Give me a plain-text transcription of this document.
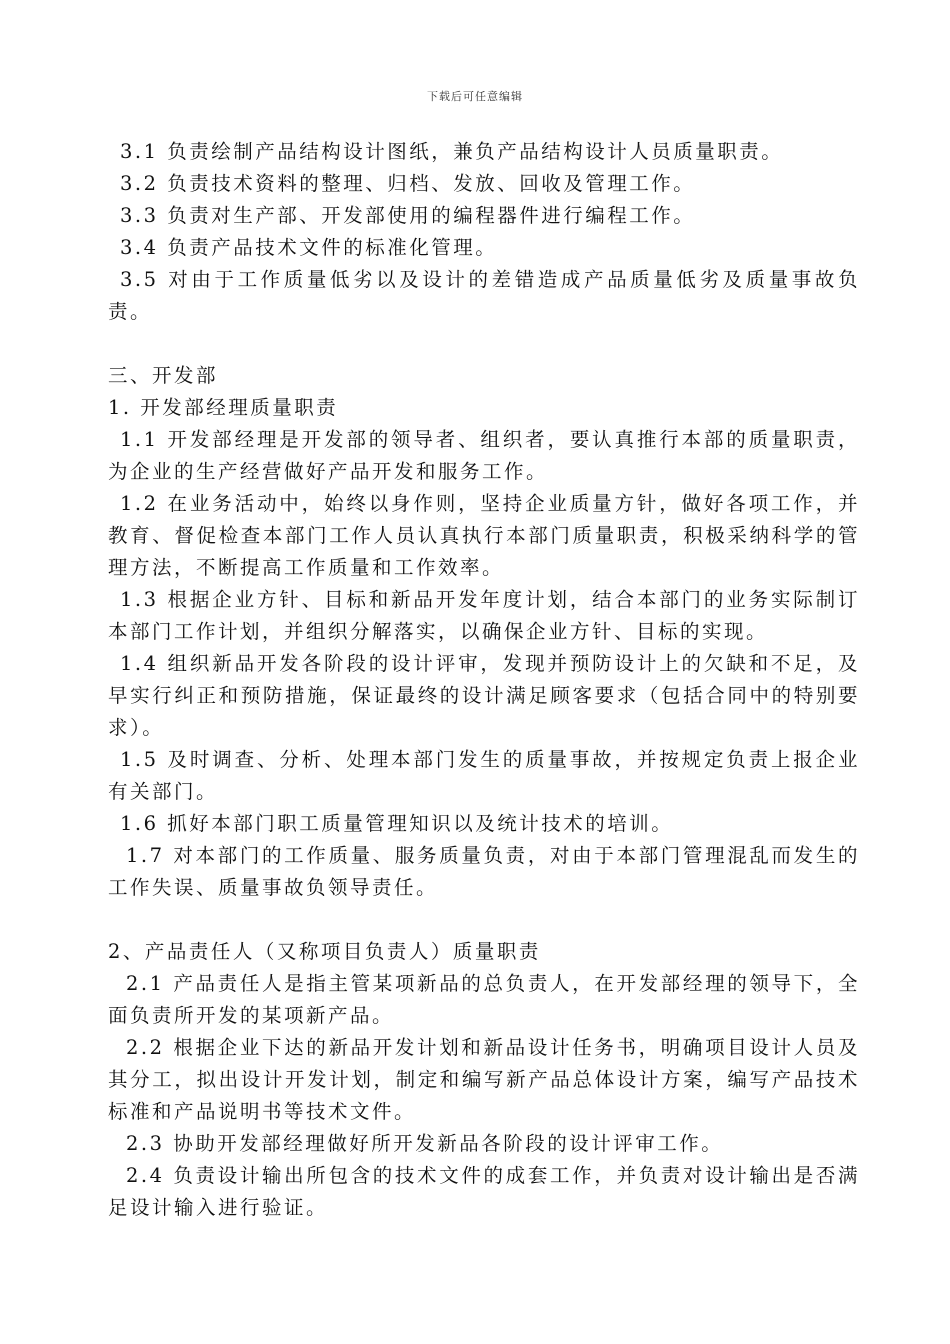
下载后可任意编辑

3.1 负责绘制产品结构设计图纸，兼负产品结构设计人员质量职责。

3.2 负责技术资料的整理、归档、发放、回收及管理工作。

3.3 负责对生产部、开发部使用的编程器件进行编程工作。

3.4 负责产品技术文件的标准化管理。

3.5 对由于工作质量低劣以及设计的差错造成产品质量低劣及质量事故负责。

三、开发部

1. 开发部经理质量职责

1.1 开发部经理是开发部的领导者、组织者，要认真推行本部的质量职责，为企业的生产经营做好产品开发和服务工作。

1.2 在业务活动中，始终以身作则，坚持企业质量方针，做好各项工作，并教育、督促检查本部门工作人员认真执行本部门质量职责，积极采纳科学的管理方法，不断提高工作质量和工作效率。

1.3 根据企业方针、目标和新品开发年度计划，结合本部门的业务实际制订本部门工作计划，并组织分解落实，以确保企业方针、目标的实现。

1.4 组织新品开发各阶段的设计评审，发现并预防设计上的欠缺和不足，及早实行纠正和预防措施，保证最终的设计满足顾客要求（包括合同中的特别要求）。

1.5 及时调查、分析、处理本部门发生的质量事故，并按规定负责上报企业有关部门。

1.6 抓好本部门职工质量管理知识以及统计技术的培训。

1.7 对本部门的工作质量、服务质量负责，对由于本部门管理混乱而发生的工作失误、质量事故负领导责任。

2、产品责任人（又称项目负责人）质量职责

2.1 产品责任人是指主管某项新品的总负责人，在开发部经理的领导下，全面负责所开发的某项新产品。

2.2 根据企业下达的新品开发计划和新品设计任务书，明确项目设计人员及其分工，拟出设计开发计划，制定和编写新产品总体设计方案，编写产品技术标准和产品说明书等技术文件。

2.3 协助开发部经理做好所开发新品各阶段的设计评审工作。

2.4 负责设计输出所包含的技术文件的成套工作，并负责对设计输出是否满足设计输入进行验证。
